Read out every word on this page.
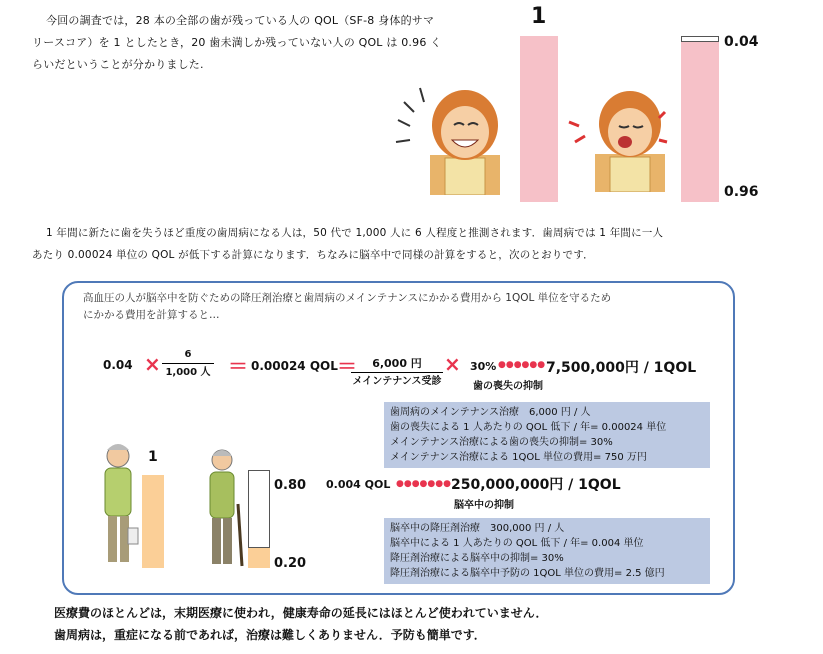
今回の調査では，28 本の全部の歯が残っている人の QOL（SF-8 身体的サマ
リースコア）を 1 としたとき，20 歯未満しか残っていない人の QOL は 0.96 く
らいだということが分かりました.
1
0.04
0.96
1 年間に新たに歯を失うほど重度の歯周病になる人は，50 代で 1,000 人に 6 人程度と推測されます．歯周病では 1 年間に一人
あたり 0.00024 単位の QOL が低下する計算になります．ちなみに脳卒中で同様の計算をすると，次のとおりです．
高血圧の人が脳卒中を防ぐための降圧剤治療と歯周病のメインテナンスにかかる費用から 1QOL 単位を守るため
にかかる費用を計算すると…
0.04 × 6
1,000 人 ＝ 0.00024 QOL ＝ 6,000 円
メインテナンス受診
× 30% ●●●●●● 7,500,000円 / 1QOL
歯の喪失の抑制
歯周病のメインテナンス治療　6,000 円 / 人
歯の喪失による 1 人あたりの QOL 低下 / 年= 0.00024 単位
メインテナンス治療による歯の喪失の抑制= 30%
メインテナンス治療による 1QOL 単位の費用= 750 万円
1
0.80
0.20
0.004 QOL ●●●●●●● 250,000,000円 / 1QOL
脳卒中の抑制
脳卒中の降圧剤治療　300,000 円 / 人
脳卒中による 1 人あたりの QOL 低下 / 年= 0.004 単位
降圧剤治療による脳卒中の抑制= 30%
降圧剤治療による脳卒中予防の 1QOL 単位の費用= 2.5 億円
医療費のほとんどは，末期医療に使われ，健康寿命の延長にはほとんど使われていません．
歯周病は，重症になる前であれば，治療は難しくありません．予防も簡単です．
